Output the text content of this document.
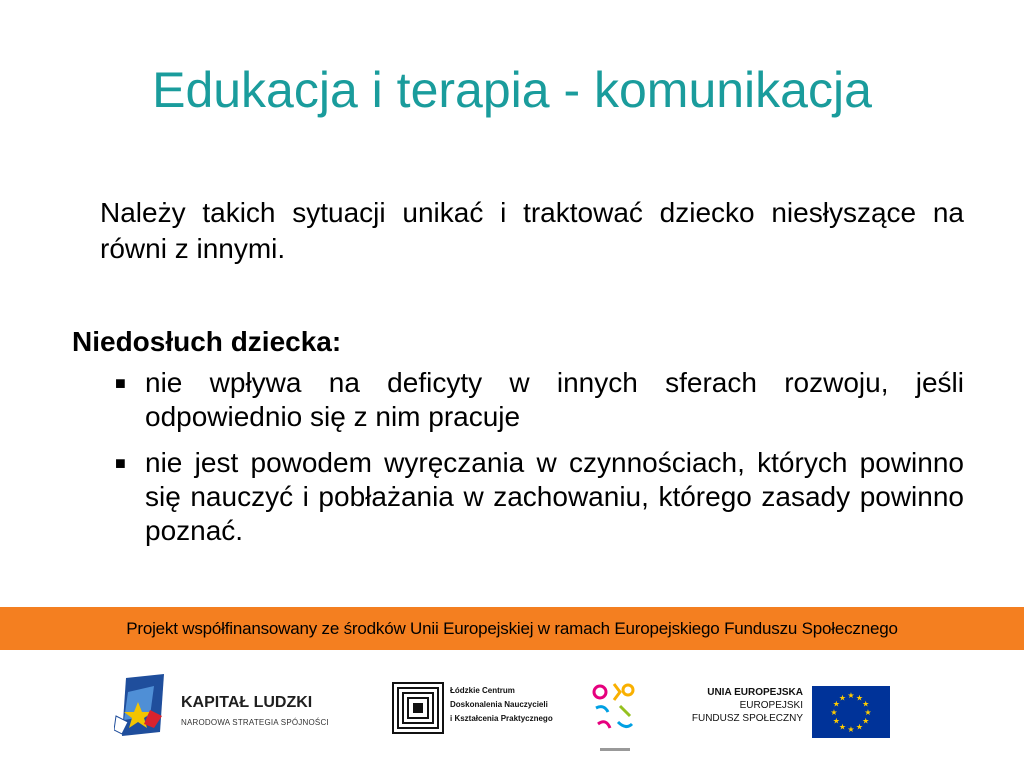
Edukacja i terapia - komunikacja
Należy takich sytuacji unikać i traktować dziecko niesłyszące na równi z innymi.
Niedosłuch dziecka:
■ nie wpływa na deficyty w innych sferach rozwoju, jeśli odpowiednio się z nim pracuje
■ nie jest powodem wyręczania w czynnościach, których powinno się nauczyć i pobłażania w zachowaniu, którego zasady powinno poznać.
Projekt współfinansowany ze środków Unii Europejskiej w ramach Europejskiego Funduszu Społecznego
KAPITAŁ LUDZKI
NARODOWA STRATEGIA SPÓJNOŚCI
Łódzkie Centrum
Doskonalenia Nauczycieli
i Kształcenia Praktycznego
UNIA EUROPEJSKA
EUROPEJSKI
FUNDUSZ SPOŁECZNY
★ ★
★
★
★
★
★
★
★
★
★
★
